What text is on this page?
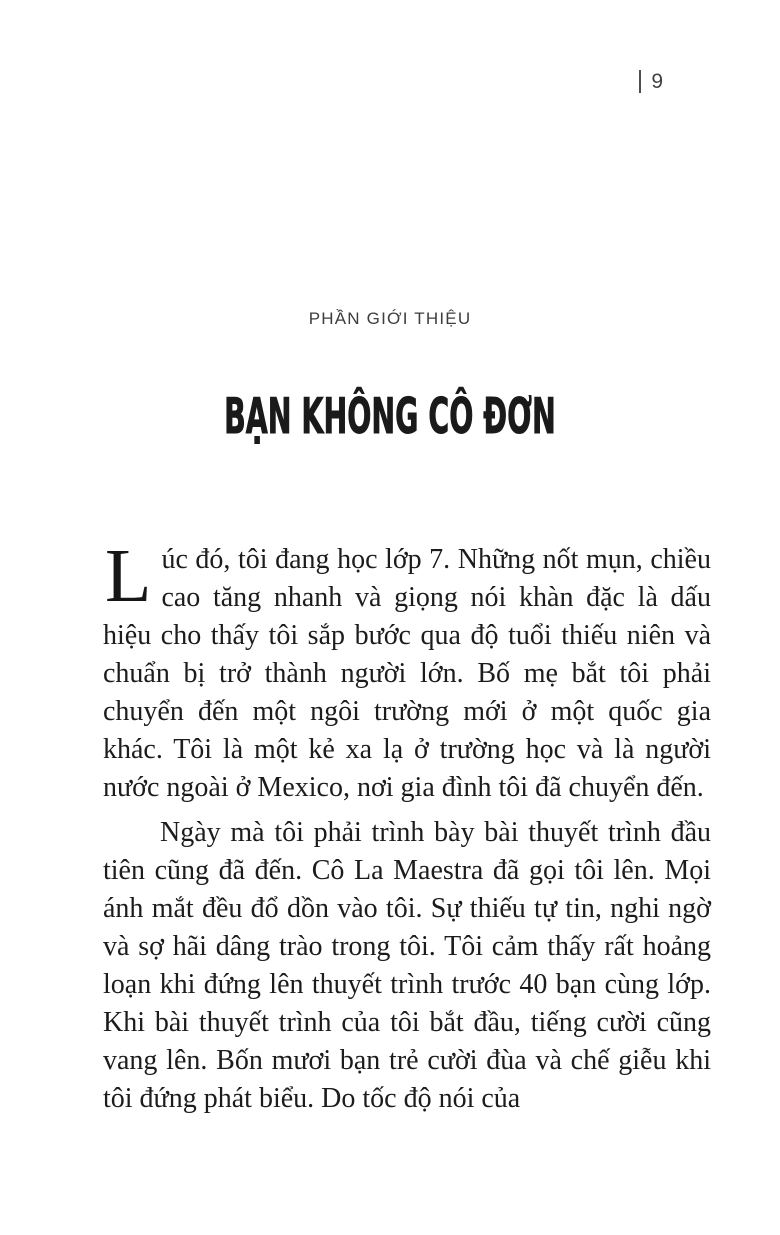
9
PHẦN GIỚI THIỆU
BẠN KHÔNG CÔ ĐƠN

Lúc đó, tôi đang học lớp 7. Những nốt mụn, chiều cao tăng nhanh và giọng nói khàn đặc là dấu hiệu cho thấy tôi sắp bước qua độ tuổi thiếu niên và chuẩn bị trở thành người lớn. Bố mẹ bắt tôi phải chuyển đến một ngôi trường mới ở một quốc gia khác. Tôi là một kẻ xa lạ ở trường học và là người nước ngoài ở Mexico, nơi gia đình tôi đã chuyển đến.

Ngày mà tôi phải trình bày bài thuyết trình đầu tiên cũng đã đến. Cô La Maestra đã gọi tôi lên. Mọi ánh mắt đều đổ dồn vào tôi. Sự thiếu tự tin, nghi ngờ và sợ hãi dâng trào trong tôi. Tôi cảm thấy rất hoảng loạn khi đứng lên thuyết trình trước 40 bạn cùng lớp. Khi bài thuyết trình của tôi bắt đầu, tiếng cười cũng vang lên. Bốn mươi bạn trẻ cười đùa và chế giễu khi tôi đứng phát biểu. Do tốc độ nói của
